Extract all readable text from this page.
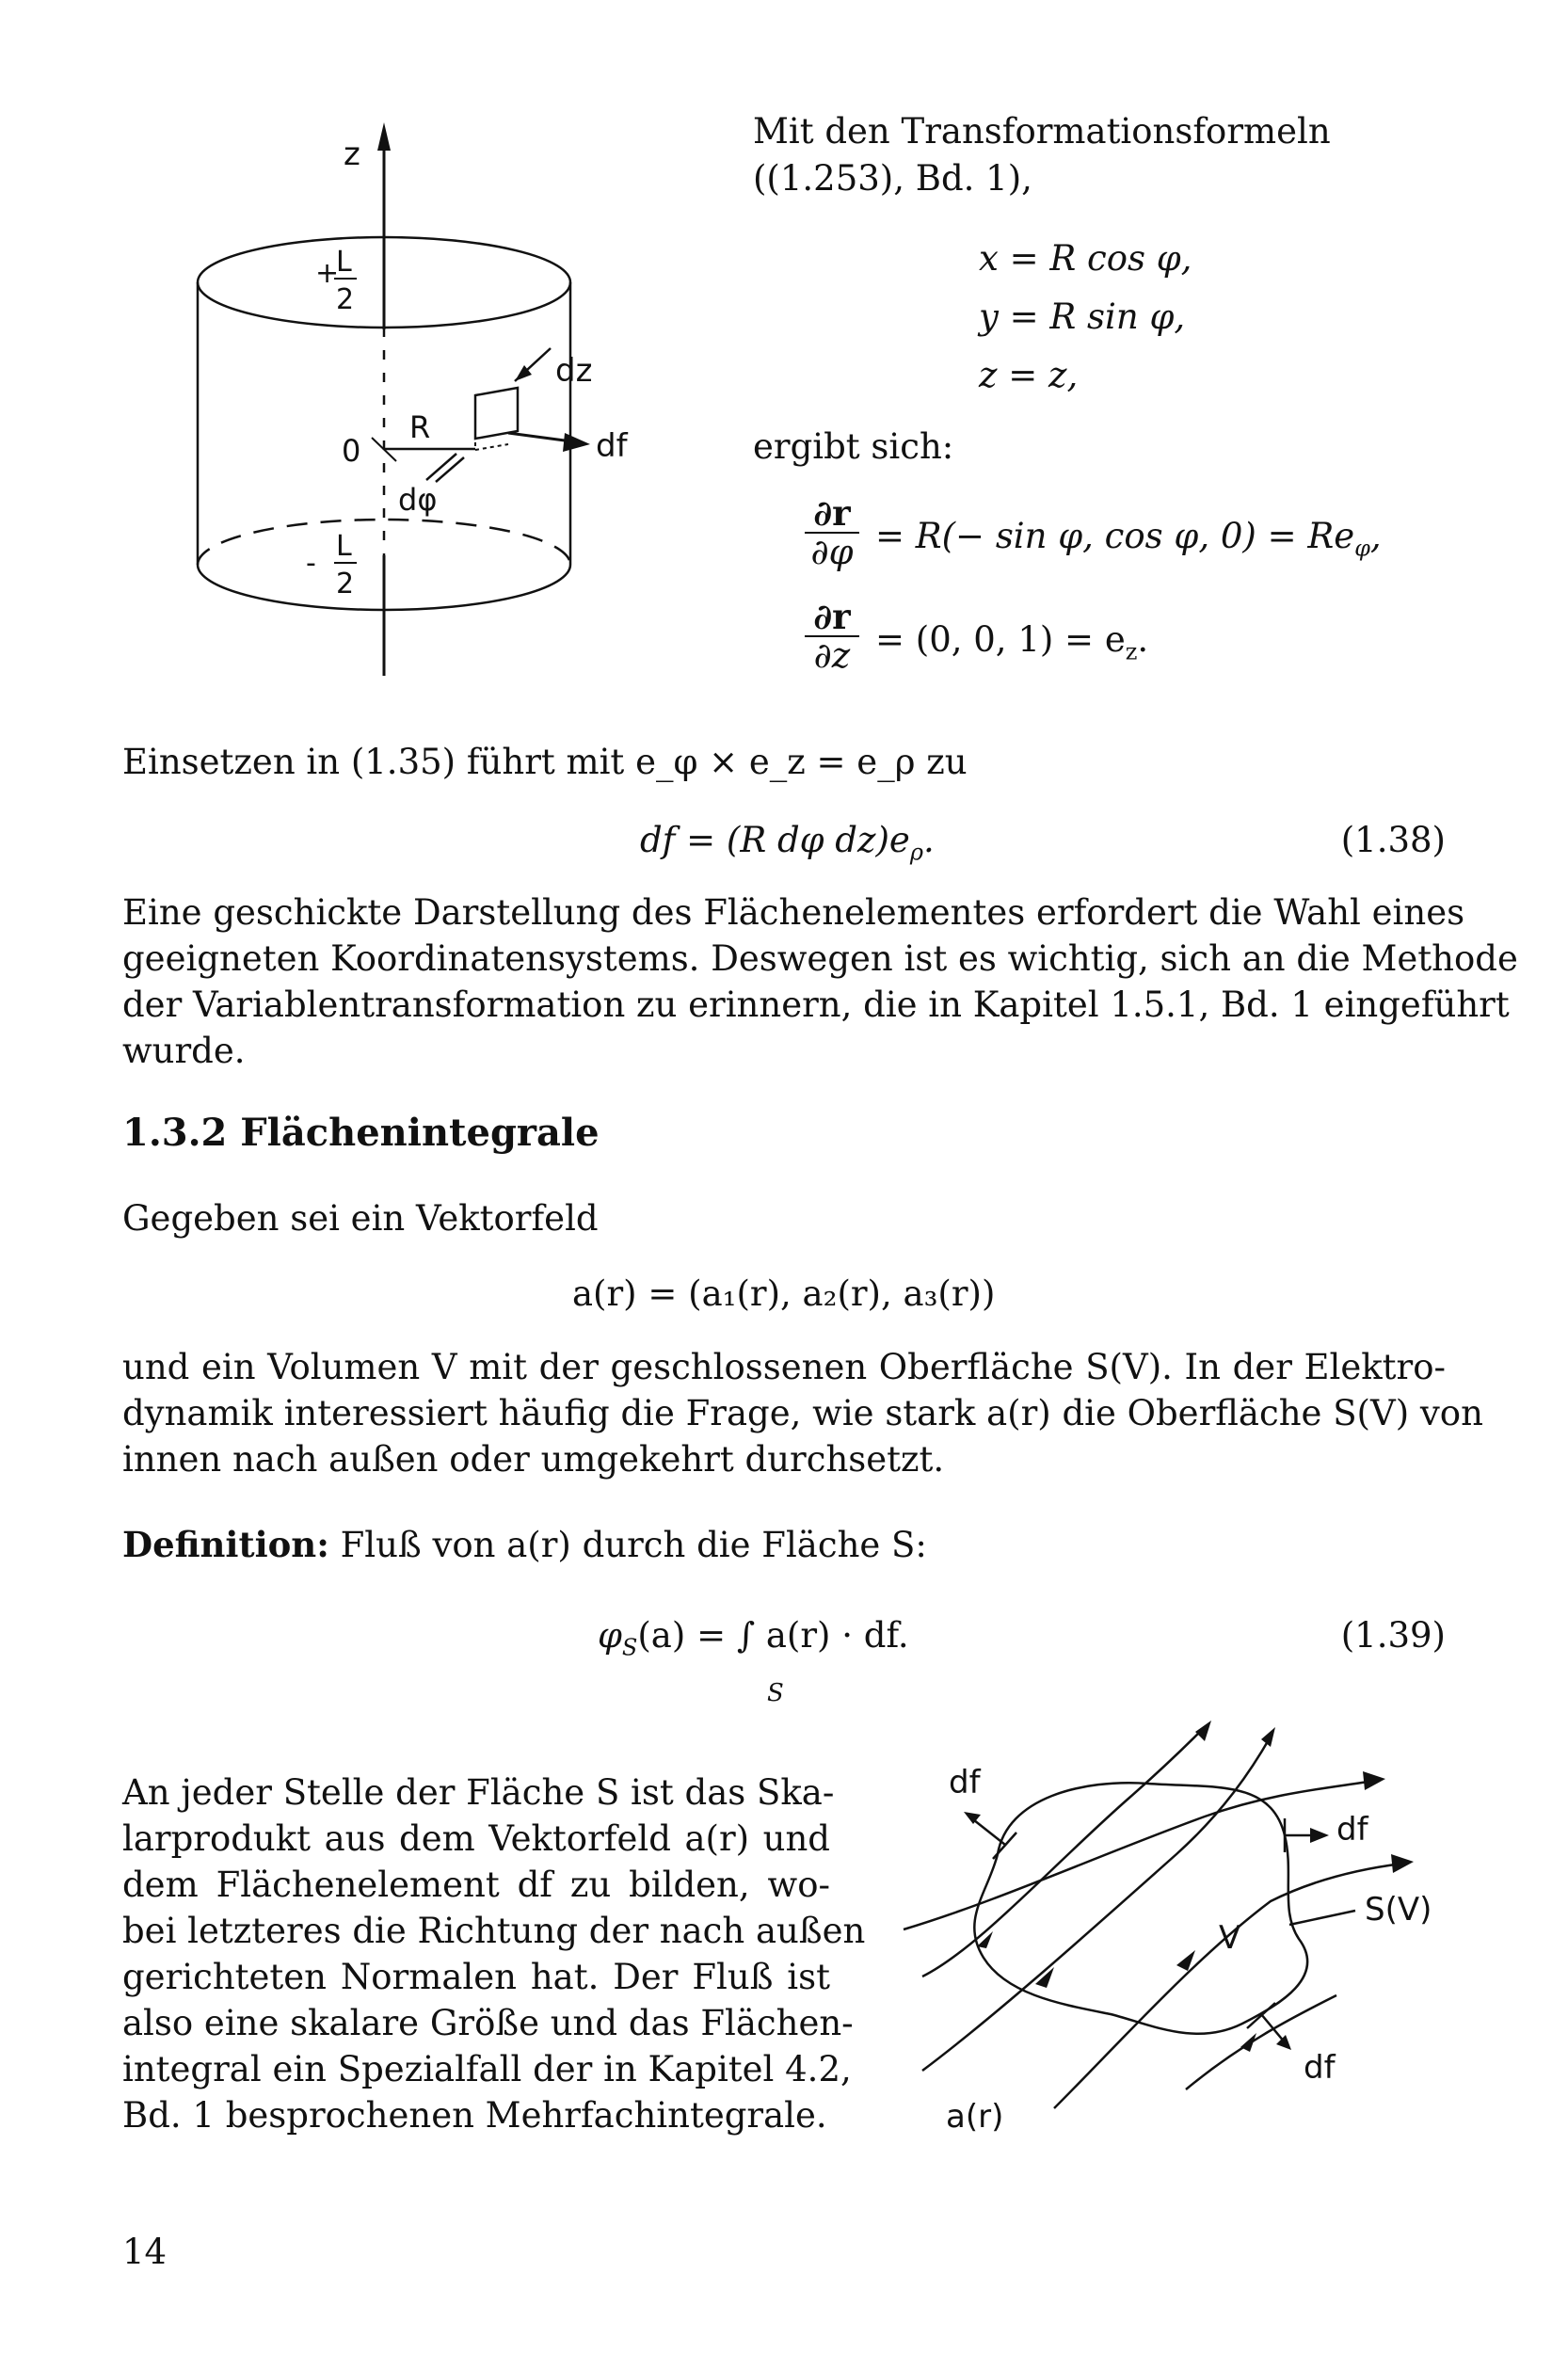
z
+
L
2
-
L
2
0
R
dφ
dz
df
Mit den Transformationsformeln
((1.253), Bd. 1),
x = R cos φ,
y = R sin φ,
z = z,
ergibt sich:
$\frac{\partial r}{\partial\varphi} = R(- \sin \varphi$, cos φ, $0) = Re_\varphi$,
$\frac{\partial r}{\partial z} = (0$, 0, $1) = e_z$.
Einsetzen in (1.35) führt mit e_φ × e_z = e_ρ zu
df = (R dφ $dz)e_\rho$.	(1.38)
Eine geschickte Darstellung des Flächenelementes erfordert die Wahl eines
geeigneten Koordinatensystems. Deswegen ist es wichtig, sich an die Methode
der Variablentransformation zu erinnern, die in Kapitel 1.5.1, Bd. 1 eingeführt
wurde.
1.3.2 Flächenintegrale
Gegeben sei ein Vektorfeld
a(r) = (a₁(r), a₂(r), a₃(r))
und ein Volumen V mit der geschlossenen Oberfläche S(V). In der Elektro-
dynamik interessiert häufig die Frage, wie stark a(r) die Oberfläche S(V) von
innen nach außen oder umgekehrt durchsetzt.
Definition: Fluß von a(r) durch die Fläche S:
$\varphi_S(a)$ = ∫ a(r) · df.
S
(1.39)
An jeder Stelle der Fläche S ist das Ska-
larprodukt aus dem Vektorfeld a(r) und
dem Flächenelement df zu bilden, wo-
bei letzteres die Richtung der nach außen
gerichteten Normalen hat. Der Fluß ist
also eine skalare Größe und das Flächen-
integral ein Spezialfall der in Kapitel 4.2,
Bd. 1 besprochenen Mehrfachintegrale.
df
df
df
V
S(V)
a(r)
14
